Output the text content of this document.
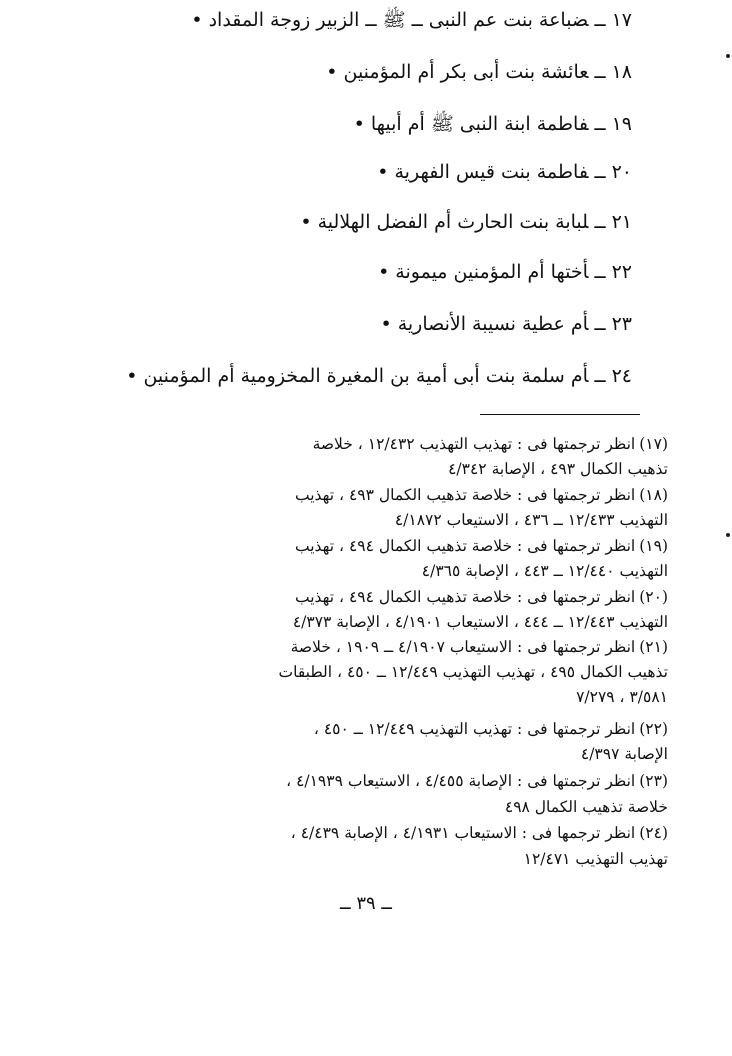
١٧ــضباعة بنت عم النبى ــ ﷺ ــ الزبير زوجة المقداد•
١٨ــعائشة بنت أبى بكر أم المؤمنين•
١٩ــفاطمة ابنة النبى ﷺ أم أبيها•
٢٠ــفاطمة بنت قيس الفهرية•
٢١ــلبابة بنت الحارث أم الفضل الهلالية•
٢٢ــأختها أم المؤمنين ميمونة•
٢٣ــأم عطية نسيبة الأنصارية•
٢٤ــأم سلمة بنت أبى أمية بن المغيرة المخزومية أم المؤمنين•
(١٧)انظر ترجمتها فى : تهذيب التهذيب ١٢/٤٣٢ ، خلاصة
تذهيب الكمال ٤٩٣ ، الإصابة ٤/٣٤٢
(١٨)انظر ترجمتها فى : خلاصة تذهيب الكمال ٤٩٣ ، تهذيب
التهذيب ١٢/٤٣٣ ــ ٤٣٦ ، الاستيعاب ٤/١٨٧٢
(١٩)انظر ترجمتها فى : خلاصة تذهيب الكمال ٤٩٤ ، تهذيب
التهذيب ١٢/٤٤٠ ــ ٤٤٣ ، الإصابة ٤/٣٦٥
(٢٠)انظر ترجمتها فى : خلاصة تذهيب الكمال ٤٩٤ ، تهذيب
التهذيب ١٢/٤٤٣ ــ ٤٤٤ ، الاستيعاب ٤/١٩٠١ ، الإصابة ٤/٣٧٣
(٢١)انظر ترجمتها فى : الاستيعاب ٤/١٩٠٧ ــ ١٩٠٩ ، خلاصة
تذهيب الكمال ٤٩٥ ، تهذيب التهذيب ١٢/٤٤٩ ــ ٤٥٠ ، الطبقات
٣/٥٨١ ، ٧/٢٧٩
(٢٢)انظر ترجمتها فى : تهذيب التهذيب ١٢/٤٤٩ ــ ٤٥٠ ،
الإصابة ٤/٣٩٧
(٢٣)انظر ترجمتها فى : الإصابة ٤/٤٥٥ ، الاستيعاب ٤/١٩٣٩ ،
خلاصة تذهيب الكمال ٤٩٨
(٢٤)انظر ترجمها فى : الاستيعاب ٤/١٩٣١ ، الإصابة ٤/٤٣٩ ،
تهذيب التهذيب ١٢/٤٧١
ــ ٣٩ ــ
